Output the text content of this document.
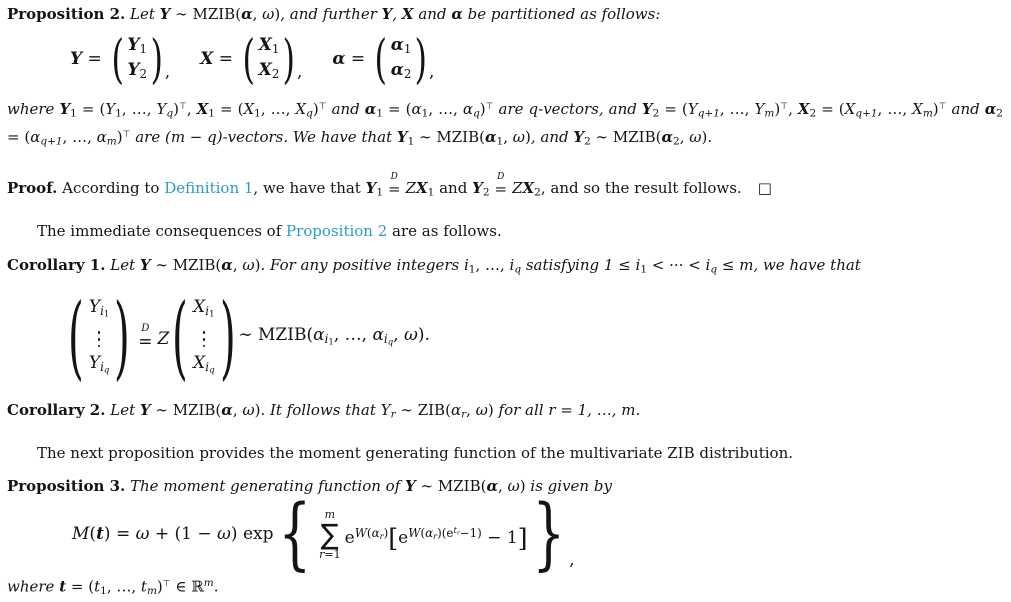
Proposition 2. Let Y ∼ MZIB(α, ω), and further Y, X and α be partitioned as follows:

Y = ( Y1
Y2 ) ,
X = ( X1
X2 ) ,
α = ( α1
α2 ) ,

where Y1 = (Y1, …, Yq)⊤, X1 = (X1, …, Xq)⊤ and α1 = (α1, …, αq)⊤ are q-vectors, and Y2 = (Yq+1, …, Ym)⊤, X2 = (Xq+1, …, Xm)⊤ and α2 = (αq+1, …, αm)⊤ are (m − q)-vectors. We have that Y1 ∼ MZIB(α1, ω), and Y2 ∼ MZIB(α2, ω).

Proof. According to Definition 1, we have that Y1
D
= ZX1 and Y2
D
= ZX2, and so the result follows. □

The immediate consequences of Proposition 2 are as follows.

Corollary 1. Let Y ∼ MZIB(α, ω). For any positive integers i1, …, iq satisfying 1 ≤ i1 < ··· < iq ≤ m, we have that

( $Yi_1$
$Yi_q$ ) D
= Z ( $Xi_1$
$Xi_q$ ) ∼ $MZIB(\alpha i_1$, …, $\alpha i_q$, ω).

Corollary 2. Let Y ∼ MZIB(α, ω). It follows that Yr ∼ ZIB(αr, ω) for all r = 1, …, m.

The next proposition provides the moment generating function of the multivariate ZIB distribution.

Proposition 3. The moment generating function of Y ∼ MZIB(α, ω) is given by

M(t) = ω + (1 − ω) exp { m
∑
r=1
$e^{W(\alpha r)}[e^{W(\alpha r)(e^{tr}-1)} - 1]$ } ,

where t = (t1, …, tm)⊤ ∈ ℝ$^m$.
